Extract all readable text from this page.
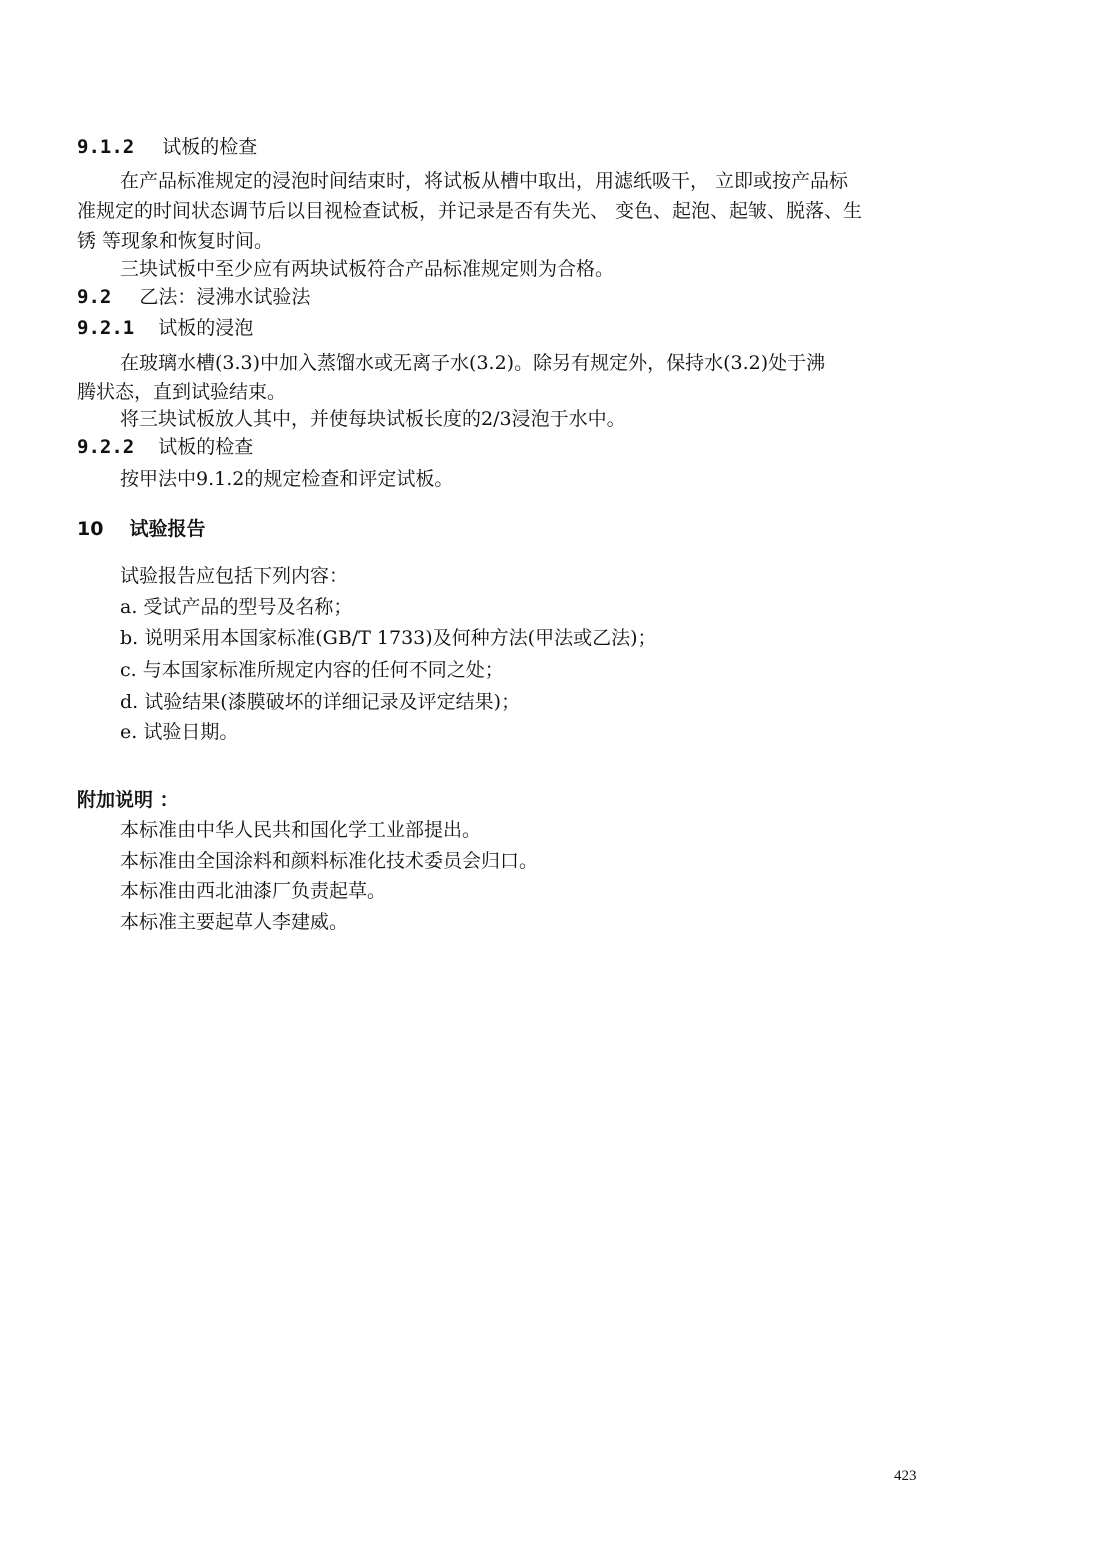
9.1.2 试板的检查
在产品标准规定的浸泡时间结束时，将试板从槽中取出，用滤纸吸干， 立即或按产品标
准规定的时间状态调节后以目视检查试板，并记录是否有失光、 变色、起泡、起皱、脱落、生
锈 等现象和恢复时间。
三块试板中至少应有两块试板符合产品标准规定则为合格。
9.2 乙法：浸沸水试验法
9.2.1 试板的浸泡
在玻璃水槽(3.3)中加入蒸馏水或无离子水(3.2)。除另有规定外，保持水(3.2)处于沸
腾状态，直到试验结束。
将三块试板放人其中，并使每块试板长度的2/3浸泡于水中。
9.2.2 试板的检查
按甲法中9.1.2的规定检查和评定试板。
10 试验报告
试验报告应包括下列内容：
a. 受试产品的型号及名称；
b. 说明采用本国家标准(GB/T 1733)及何种方法(甲法或乙法)；
c. 与本国家标准所规定内容的任何不同之处；
d. 试验结果(漆膜破坏的详细记录及评定结果)；
e. 试验日期。
附加说明 ：
本标准由中华人民共和国化学工业部提出。
本标准由全国涂料和颜料标准化技术委员会归口。
本标准由西北油漆厂负责起草。
本标准主要起草人李建威。
423
